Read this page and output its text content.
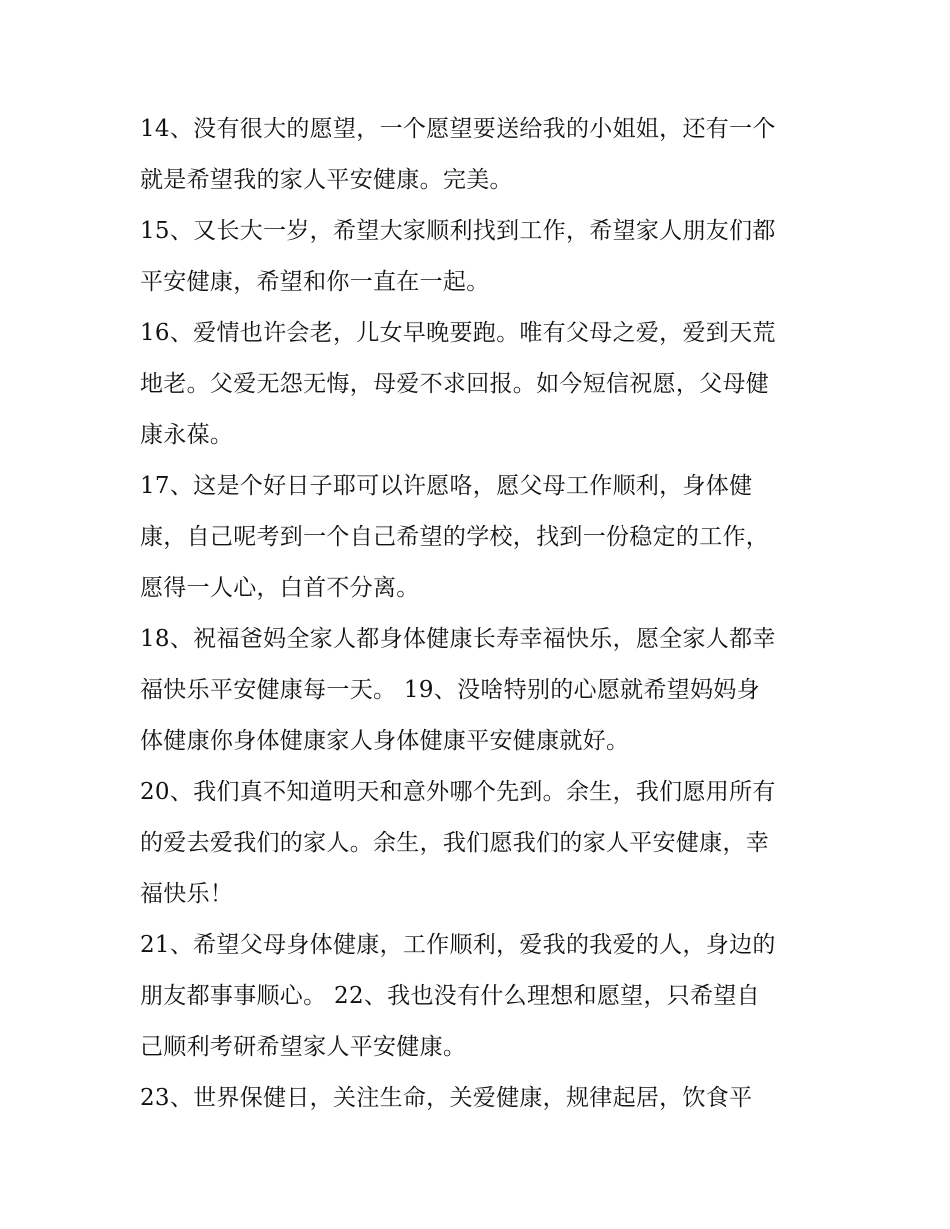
14、没有很大的愿望，一个愿望要送给我的小姐姐，还有一个
就是希望我的家人平安健康。完美。

15、又长大一岁，希望大家顺利找到工作，希望家人朋友们都
平安健康，希望和你一直在一起。

16、爱情也许会老，儿女早晚要跑。唯有父母之爱，爱到天荒
地老。父爱无怨无悔，母爱不求回报。如今短信祝愿，父母健
康永葆。

17、这是个好日子耶可以许愿咯，愿父母工作顺利，身体健
康，自己呢考到一个自己希望的学校，找到一份稳定的工作，
愿得一人心，白首不分离。

18、祝福爸妈全家人都身体健康长寿幸福快乐，愿全家人都幸
福快乐平安健康每一天。 19、没啥特别的心愿就希望妈妈身
体健康你身体健康家人身体健康平安健康就好。

20、我们真不知道明天和意外哪个先到。余生，我们愿用所有
的爱去爱我们的家人。余生，我们愿我们的家人平安健康，幸
福快乐！

21、希望父母身体健康，工作顺利，爱我的我爱的人，身边的
朋友都事事顺心。 22、我也没有什么理想和愿望，只希望自
己顺利考研希望家人平安健康。

23、世界保健日，关注生命，关爱健康，规律起居，饮食平
